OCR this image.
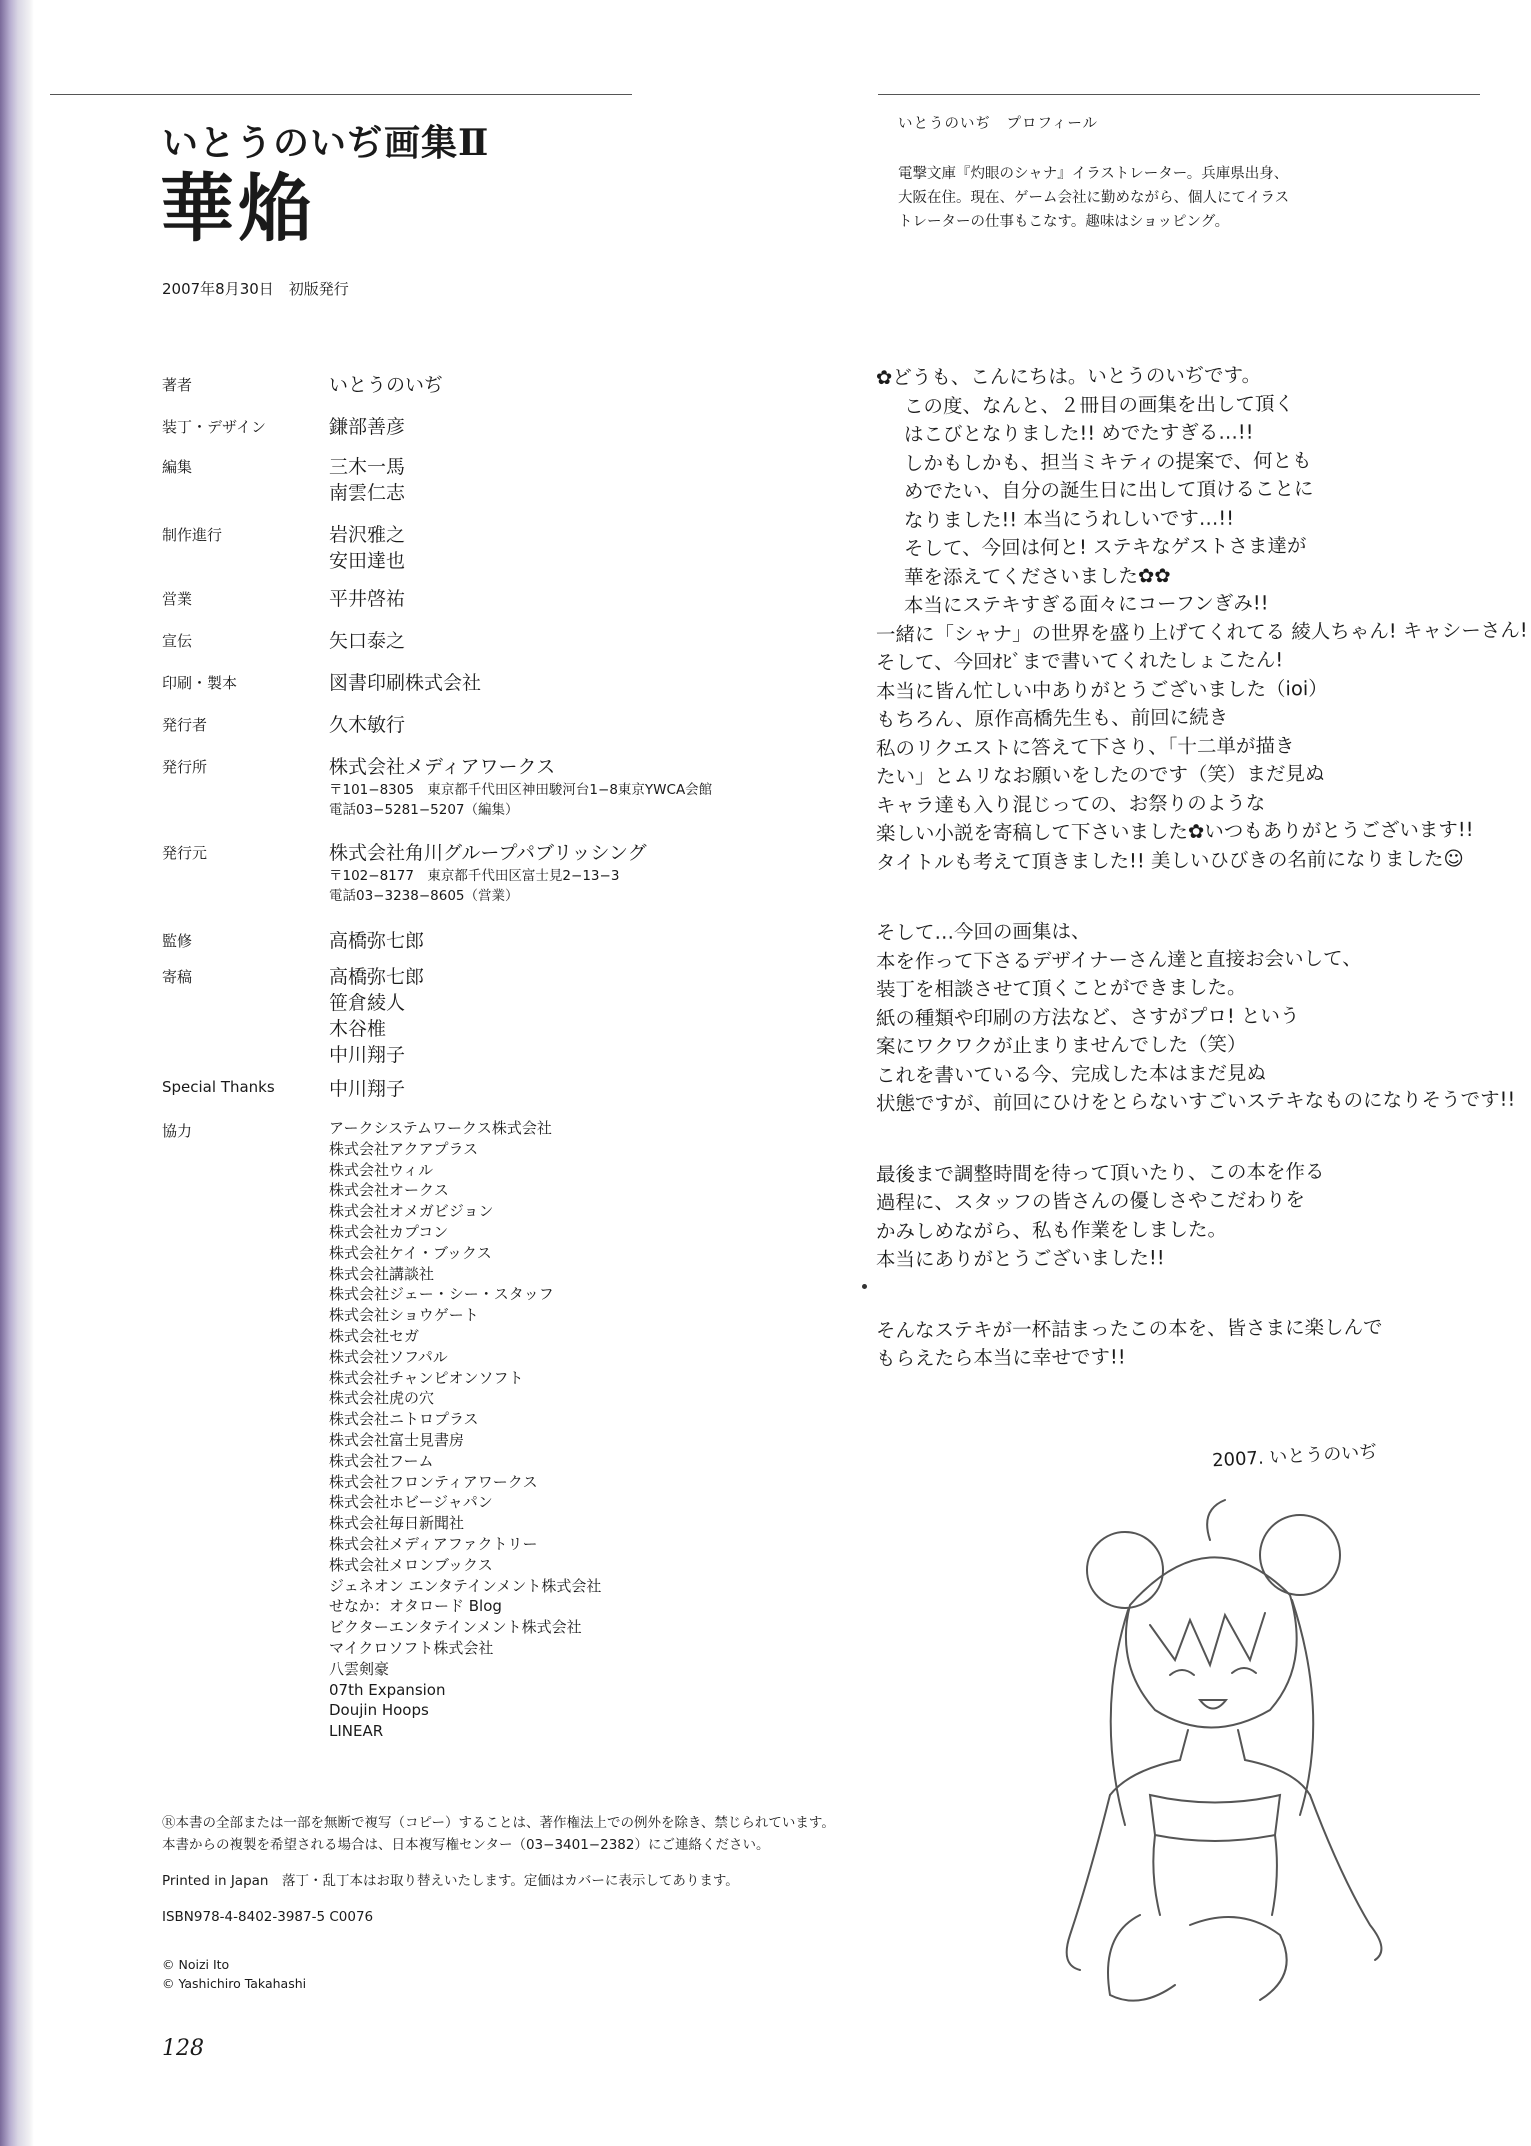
いとうのいぢ画集Ⅱ
華焔
2007年8月30日　初版発行
著者	いとうのいぢ
装丁・デザイン	鎌部善彦
編集	三木一馬
南雲仁志
制作進行	岩沢雅之
安田達也
営業	平井啓祐
宣伝	矢口泰之
印刷・製本	図書印刷株式会社
発行者	久木敏行
発行所	株式会社メディアワークス
〒101−8305　東京都千代田区神田駿河台1−8東京YWCA会館
電話03−5281−5207（編集）
発行元	株式会社角川グループパブリッシング
〒102−8177　東京都千代田区富士見2−13−3
電話03−3238−8605（営業）
監修	高橋弥七郎
寄稿	高橋弥七郎
笹倉綾人
木谷椎
中川翔子
Special Thanks	中川翔子
協力	アークシステムワークス株式会社
株式会社アクアプラス
株式会社ウィル
株式会社オークス
株式会社オメガビジョン
株式会社カプコン
株式会社ケイ・ブックス
株式会社講談社
株式会社ジェー・シー・スタッフ
株式会社ショウゲート
株式会社セガ
株式会社ソフパル
株式会社チャンピオンソフト
株式会社虎の穴
株式会社ニトロプラス
株式会社富士見書房
株式会社フーム
株式会社フロンティアワークス
株式会社ホビージャパン
株式会社毎日新聞社
株式会社メディアファクトリー
株式会社メロンブックス
ジェネオン エンタテインメント株式会社
せなか：オタロード Blog
ビクターエンタテインメント株式会社
マイクロソフト株式会社
八雲剣豪
07th Expansion
Doujin Hoops
LINEAR
Ⓡ本書の全部または一部を無断で複写（コピー）することは、著作権法上での例外を除き、禁じられています。
本書からの複製を希望される場合は、日本複写権センター（03−3401−2382）にご連絡ください。
Printed in Japan　落丁・乱丁本はお取り替えいたします。定価はカバーに表示してあります。
ISBN978-4-8402-3987-5 C0076
© Noizi Ito
© Yashichiro Takahashi
128
いとうのいぢ　プロフィール
電撃文庫『灼眼のシャナ』イラストレーター。兵庫県出身、
大阪在住。現在、ゲーム会社に勤めながら、個人にてイラス
トレーターの仕事もこなす。趣味はショッピング。
✿どうも、こんにちは。いとうのいぢです。
この度、なんと、２冊目の画集を出して頂く
はこびとなりました!! めでたすぎる…!!
しかもしかも、担当ミキティの提案で、何とも
めでたい、自分の誕生日に出して頂けることに
なりました!! 本当にうれしいです…!!
そして、今回は何と! ステキなゲストさま達が
華を添えてくださいました✿✿
本当にステキすぎる面々にコーフンぎみ!!
一緒に「シャナ」の世界を盛り上げてくれてる 綾人ちゃん! キャシーさん!
そして、今回ｵﾋﾞまで書いてくれたしょこたん!
本当に皆ん忙しい中ありがとうございました（ioi）
もちろん、原作高橋先生も、前回に続き
私のリクエストに答えて下さり、「十二単が描き
たい」とムリなお願いをしたのです（笑）まだ見ぬ
キャラ達も入り混じっての、お祭りのような
楽しい小説を寄稿して下さいました✿いつもありがとうございます!!
タイトルも考えて頂きました!! 美しいひびきの名前になりました☺
そして…今回の画集は、
本を作って下さるデザイナーさん達と直接お会いして、
装丁を相談させて頂くことができました。
紙の種類や印刷の方法など、さすがプロ! という
案にワクワクが止まりませんでした（笑）
これを書いている今、完成した本はまだ見ぬ
状態ですが、前回にひけをとらないすごいステキなものになりそうです!!
最後まで調整時間を待って頂いたり、この本を作る
過程に、スタッフの皆さんの優しさやこだわりを
かみしめながら、私も作業をしました。
本当にありがとうございました!!
そんなステキが一杯詰まったこの本を、皆さまに楽しんで
もらえたら本当に幸せです!!
2007. いとうのいぢ
